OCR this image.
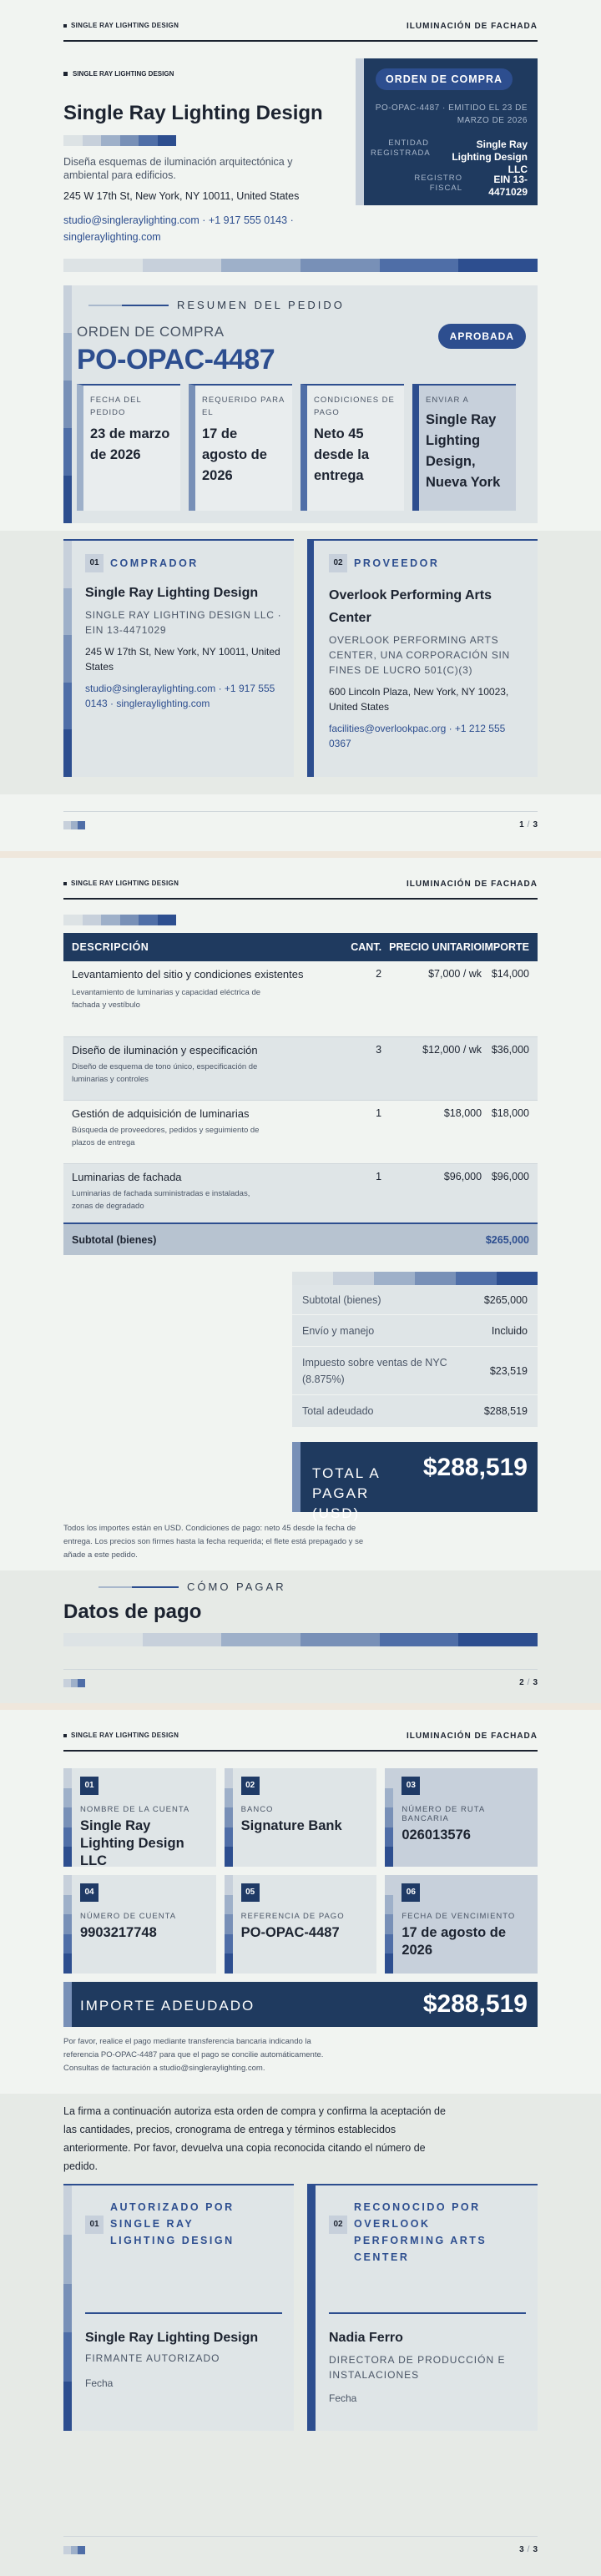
SINGLE RAY LIGHTING DESIGN	ILUMINACIÓN DE FACHADA
SINGLE RAY LIGHTING DESIGN
Single Ray Lighting Design
Diseña esquemas de iluminación arquitectónica y ambiental para edificios.
245 W 17th St, New York, NY 10011, United States
studio@singleraylighting.com · +1 917 555 0143 ·
singleraylighting.com
ORDEN DE COMPRA
PO-OPAC-4487 · EMITIDO EL 23 DE MARZO DE 2026
ENTIDAD REGISTRADA
Single Ray Lighting Design LLC
REGISTRO FISCAL
EIN 13-4471029
RESUMEN DEL PEDIDO
ORDEN DE COMPRA
PO-OPAC-4487
APROBADA
FECHA DEL PEDIDO
23 de marzo de 2026
REQUERIDO PARA EL
17 de agosto de 2026
CONDICIONES DE PAGO
Neto 45 desde la entrega
ENVIAR A
Single Ray Lighting Design, Nueva York
01	COMPRADOR
Single Ray Lighting Design
SINGLE RAY LIGHTING DESIGN LLC · EIN 13-4471029
245 W 17th St, New York, NY 10011, United States
studio@singleraylighting.com · +1 917 555 0143 · singleraylighting.com
02	PROVEEDOR
Overlook Performing Arts Center
OVERLOOK PERFORMING ARTS CENTER, UNA CORPORACIÓN SIN FINES DE LUCRO 501(C)(3)
600 Lincoln Plaza, New York, NY 10023, United States
facilities@overlookpac.org · +1 212 555 0367
1 / 3
SINGLE RAY LIGHTING DESIGN	ILUMINACIÓN DE FACHADA
DESCRIPCIÓN	CANT.	PRECIO UNITARIO	IMPORTE

Levantamiento del sitio y condiciones existentes
Levantamiento de luminarias y capacidad eléctrica de fachada y vestíbulo	2	$7,000 / wk	$14,000

Diseño de iluminación y especificación
Diseño de esquema de tono único, especificación de luminarias y controles	3	$12,000 / wk	$36,000

Gestión de adquisición de luminarias
Búsqueda de proveedores, pedidos y seguimiento de plazos de entrega	1	$18,000	$18,000

Luminarias de fachada
Luminarias de fachada suministradas e instaladas, zonas de degradado	1	$96,000	$96,000
Subtotal (bienes)			$265,000
Subtotal (bienes)	$265,000
Envío y manejo	Incluido
Impuesto sobre ventas de NYC (8.875%)
$23,519
Total adeudado	$288,519
TOTAL A PAGAR (USD)
$288,519
Todos los importes están en USD. Condiciones de pago: neto 45 desde la fecha de entrega. Los precios son firmes hasta la fecha requerida; el flete está prepagado y se añade a este pedido.
CÓMO PAGAR
Datos de pago
2 / 3
SINGLE RAY LIGHTING DESIGN	ILUMINACIÓN DE FACHADA
01
NOMBRE DE LA CUENTA
Single Ray Lighting Design LLC
02
BANCO
Signature Bank
03
NÚMERO DE RUTA BANCARIA
026013576
04
NÚMERO DE CUENTA
9903217748
05
REFERENCIA DE PAGO
PO-OPAC-4487
06
FECHA DE VENCIMIENTO
17 de agosto de 2026
IMPORTE ADEUDADO	$288,519
Por favor, realice el pago mediante transferencia bancaria indicando la referencia PO-OPAC-4487 para que el pago se concilie automáticamente. Consultas de facturación a studio@singleraylighting.com.
La firma a continuación autoriza esta orden de compra y confirma la aceptación de las cantidades, precios, cronograma de entrega y términos establecidos anteriormente. Por favor, devuelva una copia reconocida citando el número de pedido.
01
AUTORIZADO POR SINGLE RAY LIGHTING DESIGN
Single Ray Lighting Design
FIRMANTE AUTORIZADO
Fecha
02
RECONOCIDO POR OVERLOOK PERFORMING ARTS CENTER
Nadia Ferro
DIRECTORA DE PRODUCCIÓN E INSTALACIONES
Fecha
3 / 3
